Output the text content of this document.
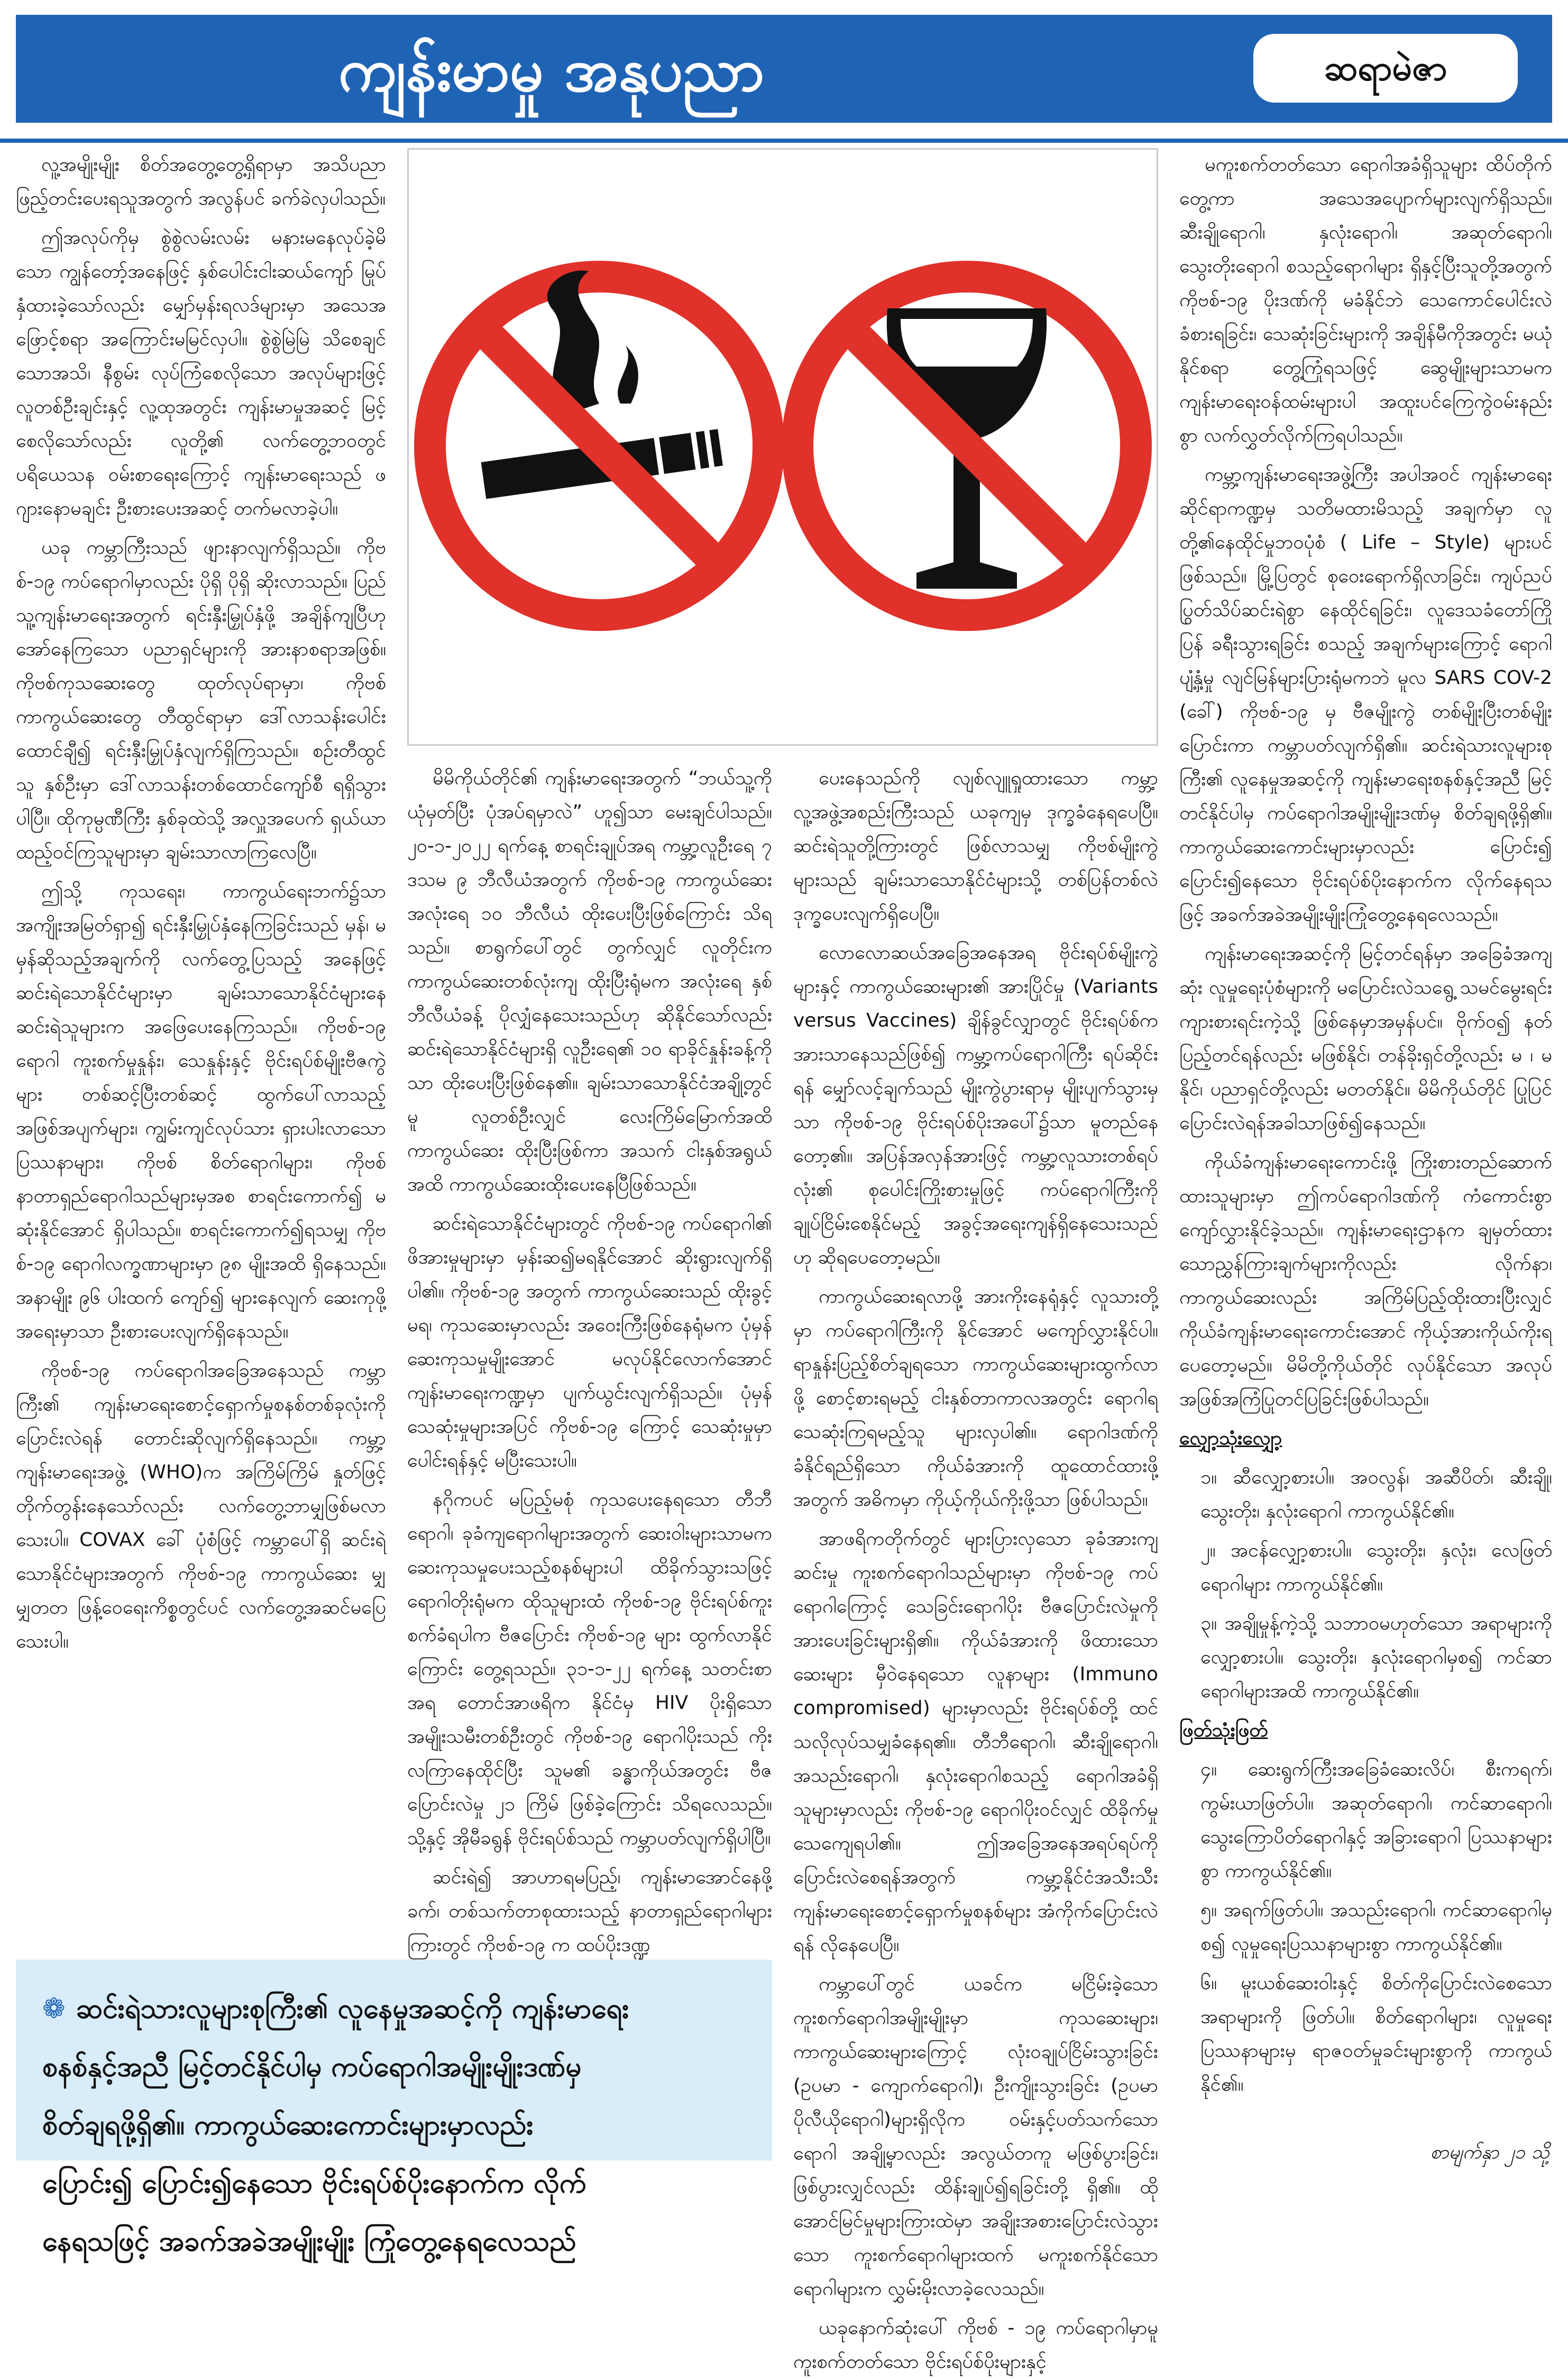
ကျန်းမာမှု အနုပညာ	ဆရာမဲဇာ

လူ့အမျိုးမျိုး စိတ်အတွေ့တွေ့ရှိရာမှာ အသိပညာဖြည့်တင်းပေးရသူအတွက် အလွန်ပင် ခက်ခဲလှပါသည်။

ဤအလုပ်ကိုမှ စွဲစွဲလမ်းလမ်း မနားမနေလုပ်ခဲ့မိသော ကျွန်တော့်အနေဖြင့် နှစ်ပေါင်းငါးဆယ်ကျော် မြုပ်နှံထားခဲ့သော်လည်း မျှော်မှန်းရလဒ်များမှာ အသေအဖြောင့်စရာ အကြောင်းမမြင်လှပါ။ စွဲစွဲမြဲမြဲ သိစေချင်သောအသိ၊ နီစွမ်း လုပ်ကြံစေလိုသော အလုပ်များဖြင့် လူတစ်ဦးချင်းနှင့် လူ့ထုအတွင်း ကျန်းမာမှုအဆင့် မြင့်စေလိုသော်လည်း လူတို့၏ လက်တွေ့ဘဝတွင် ပရိယေသန ဝမ်းစာရေးကြောင့် ကျန်းမာရေးသည် ဖဂျားနောမချင်း ဦးစားပေးအဆင့် တက်မလာခဲ့ပါ။

ယခု ကမ္ဘာကြီးသည် ဖျားနာလျက်ရှိသည်။ ကိုဗစ်-၁၉ ကပ်ရောဂါမှာလည်း ပိုရှိ ပိုရှိ ဆိုးလာသည်။ ပြည်သူ့ကျန်းမာရေးအတွက် ရင်းနှီးမြှုပ်နှံဖို့ အချိန်ကျပြီဟု အော်နေကြသော ပညာရှင်များကို အားနာစရာအဖြစ်။ ကိုဗစ်ကုသဆေးတွေ ထုတ်လုပ်ရာမှာ၊ ကိုဗစ်ကာကွယ်ဆေးတွေ တီထွင်ရာမှာ ဒေါ်လာသန်းပေါင်းထောင်ချီ၍ ရင်းနှီးမြှုပ်နှံလျက်ရှိကြသည်။ စဉ်းတီထွင်သူ နှစ်ဦးမှာ ဒေါ်လာသန်းတစ်ထောင်ကျော်စီ ရရှိသွားပါပြီ။ ထိုကုမ္ပဏီကြီး နှစ်ခုထဲသို့ အလှူအပေက် ရှယ်ယာထည့်ဝင်ကြသူများမှာ ချမ်းသာလာကြလေပြီ။

ဤသို့ ကုသရေး၊ ကာကွယ်ရေးဘက်၌သာ အကျိုးအမြတ်ရှာ၍ ရင်းနှီးမြှုပ်နှံနေကြခြင်းသည် မှန်၊ မမှန်ဆိုသည့်အချက်ကို လက်တွေ့ပြသည့် အနေဖြင့် ဆင်းရဲသောနိုင်ငံများမှာ ချမ်းသာသောနိုင်ငံများနေ ဆင်းရဲသူများက အဖြေပေးနေကြသည်။ ကိုဗစ်-၁၉ ရောဂါ ကူးစက်မှုနှုန်း၊ သေနှုန်းနှင့် ဗိုင်းရပ်စ်မျိုးဗီဇကွဲများ တစ်ဆင့်ပြီးတစ်ဆင့် ထွက်ပေါ်လာသည့် အဖြစ်အပျက်များ၊ ကျွမ်းကျင်လုပ်သား ရှားပါးလာသော ပြဿနာများ၊ ကိုဗစ် စိတ်ရောဂါများ၊ ကိုဗစ်နာတာရှည်ရောဂါသည်များမှအစ စာရင်းကောက်၍ မဆုံးနိုင်အောင် ရှိပါသည်။ စာရင်းကောက်၍ရသမျှ ကိုဗစ်-၁၉ ရောဂါလက္ခဏာများမှာ ၉၈ မျိုးအထိ ရှိနေသည်။ အနာမျိုး ၉၆ ပါးထက် ကျော်၍ များနေလျက် ဆေးကုဖို့အရေးမှာသာ ဦးစားပေးလျက်ရှိနေသည်။

ကိုဗစ်-၁၉ ကပ်ရောဂါအခြေအနေသည် ကမ္ဘာကြီး၏ ကျန်းမာရေးစောင့်ရှောက်မှုစနစ်တစ်ခုလုံးကို ပြောင်းလဲရန် တောင်းဆိုလျက်ရှိနေသည်။ ကမ္ဘာ့ကျန်းမာရေးအဖွဲ့ (WHO)က အကြိမ်ကြိမ် နှုတ်ဖြင့် တိုက်တွန်းနေသော်လည်း လက်တွေ့ဘာမျှဖြစ်မလာသေးပါ။ COVAX ခေါ် ပုံစံဖြင့် ကမ္ဘာပေါ်ရှိ ဆင်းရဲသောနိုင်ငံများအတွက် ကိုဗစ်-၁၉ ကာကွယ်ဆေး မျှမျှတတ ဖြန့်ဝေရေးကိစ္စတွင်ပင် လက်တွေ့အဆင်မပြေသေးပါ။

မိမိကိုယ်တိုင်၏ ကျန်းမာရေးအတွက် “ဘယ်သူ့ကိုယုံမှတ်ပြီး ပုံအပ်ရမှာလဲ” ဟူ၍သာ မေးချင်ပါသည်။ ၂၀-၁-၂၀၂၂ ရက်နေ့ စာရင်းချုပ်အရ ကမ္ဘာ့လူဦးရေ ၇ ဒသမ ၉ ဘီလီယံအတွက် ကိုဗစ်-၁၉ ကာကွယ်ဆေးအလုံးရေ ၁၀ ဘီလီယံ ထိုးပေးပြီးဖြစ်ကြောင်း သိရသည်။ စာရွက်ပေါ်တွင် တွက်လျှင် လူတိုင်းကကာကွယ်ဆေးတစ်လုံးကျ ထိုးပြီးရုံမက အလုံးရေ နှစ်ဘီလီယံခန့် ပိုလျှံနေသေးသည်ဟု ဆိုနိုင်သော်လည်း ဆင်းရဲသောနိုင်ငံများရှိ လူဦးရေ၏ ၁၀ ရာခိုင်နှုန်းခန့်ကိုသာ ထိုးပေးပြီးဖြစ်နေ၏။ ချမ်းသာသောနိုင်ငံအချို့တွင်မူ လူတစ်ဦးလျှင် လေးကြိမ်မြောက်အထိ ကာကွယ်ဆေး ထိုးပြီးဖြစ်ကာ အသက် ငါးနှစ်အရွယ်အထိ ကာကွယ်ဆေးထိုးပေးနေပြီဖြစ်သည်။

ဆင်းရဲသောနိုင်ငံများတွင် ကိုဗစ်-၁၉ ကပ်ရောဂါ၏ ဖိအားမှုများမှာ မှန်းဆ၍မရနိုင်အောင် ဆိုးရွားလျက်ရှိပါ၏။ ကိုဗစ်-၁၉ အတွက် ကာကွယ်ဆေးသည် ထိုးခွင့်မရ၊ ကုသဆေးမှာလည်း အဝေးကြီးဖြစ်နေရုံမက ပုံမှန်ဆေးကုသမှုမျိုးအောင် မလုပ်နိုင်လောက်အောင် ကျန်းမာရေးကဏ္ဍမှာ ပျက်ယွင်းလျက်ရှိသည်။ ပုံမှန်သေဆုံးမှုများအပြင် ကိုဗစ်-၁၉ ကြောင့် သေဆုံးမှုမှာ ပေါင်းရန်နှင့် မပြီးသေးပါ။

နဂိုကပင် မပြည့်မစုံ ကုသပေးနေရသော တီဘီရောဂါ၊ ခုခံကျရောဂါများအတွက် ဆေးဝါးများသာမက ဆေးကုသမှုပေးသည့်စနစ်များပါ ထိခိုက်သွားသဖြင့် ရောဂါတိုးရုံမက ထိုသူများထံ ကိုဗစ်-၁၉ ဗိုင်းရပ်စ်ကူးစက်ခံရပါက ဗီဇပြောင်း ကိုဗစ်-၁၉ များ ထွက်လာနိုင်ကြောင်း တွေ့ရသည်။ ၃၁-၁-၂၂ ရက်နေ့ သတင်းစာအရ တောင်အာဖရိက နိုင်ငံမှ HIV ပိုးရှိသော အမျိုးသမီးတစ်ဦးတွင် ကိုဗစ်-၁၉ ရောဂါပိုးသည် ကိုးလကြာနေထိုင်ပြီး သူမ၏ ခန္ဓာကိုယ်အတွင်း ဗီဇပြောင်းလဲမှု ၂၁ ကြိမ် ဖြစ်ခဲ့ကြောင်း သိရလေသည်။ သို့နှင့် အိုမီခရွန် ဗိုင်းရပ်စ်သည် ကမ္ဘာပတ်လျက်ရှိပါပြီ။

ဆင်းရဲ၍ အာဟာရမပြည့်၊ ကျန်းမာအောင်နေဖို့ခက်၊ တစ်သက်တာစုထားသည့် နာတာရှည်ရောဂါများကြားတွင် ကိုဗစ်-၁၉ က ထပ်ပိုးဒဏ္ဍ

ပေးနေသည်ကို လျစ်လျူရှုထားသော ကမ္ဘာ့လူ့အဖွဲ့အစည်းကြီးသည် ယခုကျမှ ဒုက္ခခံနေရပေပြီ။ ဆင်းရဲသူတို့ကြားတွင် ဖြစ်လာသမျှ ကိုဗစ်မျိုးကွဲများသည် ချမ်းသာသောနိုင်ငံများသို့ တစ်ပြန်တစ်လဲ ဒုက္ခပေးလျက်ရှိပေပြီ။

လောလောဆယ်အခြေအနေအရ ဗိုင်းရပ်စ်မျိုးကွဲများနှင့် ကာကွယ်ဆေးများ၏ အားပြိုင်မှု (Variants versus Vaccines) ချိန်ခွင်လျှာတွင် ဗိုင်းရပ်စ်က အားသာနေသည်ဖြစ်၍ ကမ္ဘာ့ကပ်ရောဂါကြီး ရပ်ဆိုင်းရန် မျှော်လင့်ချက်သည် မျိုးကွဲပွားရာမှ မျိုးပျက်သွားမှသာ ကိုဗစ်-၁၉ ဗိုင်းရပ်စ်ပိုးအပေါ်၌သာ မူတည်နေတော့၏။ အပြန်အလှန်အားဖြင့် ကမ္ဘာ့လူသားတစ်ရပ်လုံး၏ စုပေါင်းကြိုးစားမှုဖြင့် ကပ်ရောဂါကြီးကို ချုပ်ငြိမ်းစေနိုင်မည့် အခွင့်အရေးကျန်ရှိနေသေးသည်ဟု ဆိုရပေတော့မည်။

ကာကွယ်ဆေးရလာဖို့ အားကိုးနေရုံနှင့် လူသားတို့မှာ ကပ်ရောဂါကြီးကို နိုင်အောင် မကျော်လွှားနိုင်ပါ။ ရာနှုန်းပြည့်စိတ်ချရသော ကာကွယ်ဆေးများထွက်လာဖို့ စောင့်စားရမည့် ငါးနှစ်တာကာလအတွင်း ရောဂါရသေဆုံးကြရမည့်သူ များလှပါ၏။ ရောဂါဒဏ်ကို ခံနိုင်ရည်ရှိသော ကိုယ်ခံအားကို ထူထောင်ထားဖို့အတွက် အဓိကမှာ ကိုယ့်ကိုယ်ကိုးဖို့သာ ဖြစ်ပါသည်။

အာဖရိကတိုက်တွင် များပြားလှသော ခုခံအားကျဆင်းမှု ကူးစက်ရောဂါသည်များမှာ ကိုဗစ်-၁၉ ကပ်ရောဂါကြောင့် သေခြင်းရောဂါပိုး ဗီဇပြောင်းလဲမှုကို အားပေးခြင်းများရှိ၏။ ကိုယ်ခံအားကို ဖိထားသောဆေးများ မှီဝဲနေရသော လူနာများ (Immuno compromised) များမှာလည်း ဗိုင်းရပ်စ်တို့ ထင်သလိုလုပ်သမျှခံနေရ၏။ တီဘီရောဂါ၊ ဆီးချိုရောဂါ၊ အသည်းရောဂါ၊ နှလုံးရောဂါစသည့် ရောဂါအခံရှိသူများမှာလည်း ကိုဗစ်-၁၉ ရောဂါပိုးဝင်လျှင် ထိခိုက်မှု သေကျေရပါ၏။ ဤအခြေအနေအရပ်ရပ်ကို ပြောင်းလဲစေရန်အတွက် ကမ္ဘာ့နိုင်ငံအသီးသီး ကျန်းမာရေးစောင့်ရှောက်မှုစနစ်များ အံကိုက်ပြောင်းလဲရန် လိုနေပေပြီ။

ကမ္ဘာပေါ်တွင် ယခင်က မငြိမ်းခဲ့သော ကူးစက်ရောဂါအမျိုးမျိုးမှာ ကုသဆေးများ၊ ကာကွယ်ဆေးများကြောင့် လုံးဝချုပ်ငြိမ်းသွားခြင်း (ဥပမာ - ကျောက်ရောဂါ)၊ ဦးကျိုးသွားခြင်း (ဥပမာ ပိုလီယိုရောဂါ)များရှိလိုက ဝမ်းနှင့်ပတ်သက်သောရောဂါ အချို့မှာလည်း အလွယ်တကူ မဖြစ်ပွားခြင်း၊ ဖြစ်ပွားလျှင်လည်း ထိန်းချုပ်၍ရခြင်းတို့ ရှိ၏။ ထိုအောင်မြင်မှုများကြားထဲမှာ အချိုးအစားပြောင်းလဲသွားသော ကူးစက်ရောဂါများထက် မကူးစက်နိုင်သော ရောဂါများက လွှမ်းမိုးလာခဲ့လေသည်။

ယခုနောက်ဆုံးပေါ် ကိုဗစ် - ၁၉ ကပ်ရောဂါမှာမူ ကူးစက်တတ်သော ဗိုင်းရပ်စ်ပိုးများနှင့်

မကူးစက်တတ်သော ရောဂါအခံရှိသူများ ထိပ်တိုက်တွေ့ကာ အသေအပျောက်များလျက်ရှိသည်။ ဆီးချိုရောဂါ၊ နှလုံးရောဂါ၊ အဆုတ်ရောဂါ၊ သွေးတိုးရောဂါ စသည့်ရောဂါများ ရှိနှင့်ပြီးသူတို့အတွက် ကိုဗစ်-၁၉ ပိုးဒဏ်ကို မခံနိုင်ဘဲ သေကောင်ပေါင်းလဲခံစားရခြင်း၊ သေဆုံးခြင်းများကို အချိန်မီကိုအတွင်း မယုံနိုင်စရာ တွေ့ကြုံရသဖြင့် ဆွေမျိုးများသာမက ကျန်းမာရေးဝန်ထမ်းများပါ အထူးပင်ကြေကွဲဝမ်းနည်းစွာ လက်လွှတ်လိုက်ကြရပါသည်။

ကမ္ဘာ့ကျန်းမာရေးအဖွဲ့ကြီး အပါအဝင် ကျန်းမာရေးဆိုင်ရာကဏ္ဍမှ သတိမထားမိသည့် အချက်မှာ လူတို့၏နေထိုင်မှုဘဝပုံစံ ( Life – Style) များပင် ဖြစ်သည်။ မြို့ပြတွင် စုဝေးရောက်ရှိလာခြင်း၊ ကျပ်ညပ်ပြွတ်သိပ်ဆင်းရဲစွာ နေထိုင်ရခြင်း၊ လူဒေသခံတော်ကြိုပြန် ခရီးသွားရခြင်း စသည့် အချက်များကြောင့် ရောဂါပျံ့နှံ့မှု လျင်မြန်များပြားရုံမကဘဲ မူလ SARS COV-2 (ခေါ်) ကိုဗစ်-၁၉ မှ ဗီဇမျိုးကွဲ တစ်မျိုးပြီးတစ်မျိုးပြောင်းကာ ကမ္ဘာပတ်လျက်ရှိ၏။ ဆင်းရဲသားလူများစုကြီး၏ လူနေမှုအဆင့်ကို ကျန်းမာရေးစနစ်နှင့်အညီ မြင့်တင်နိုင်ပါမှ ကပ်ရောဂါအမျိုးမျိုးဒဏ်မှ စိတ်ချရဖို့ရှိ၏။ ကာကွယ်ဆေးကောင်းများမှာလည်း ပြောင်း၍ ပြောင်း၍နေသော ဗိုင်းရပ်စ်ပိုးနောက်က လိုက်နေရသဖြင့် အခက်အခဲအမျိုးမျိုးကြုံတွေ့နေရလေသည်။

ကျန်းမာရေးအဆင့်ကို မြင့်တင်ရန်မှာ အခြေခံအကျဆုံး လူမှုရေးပုံစံများကို မပြောင်းလဲသရွေ့ သမင်မွေးရင်း ကျားစားရင်းကဲ့သို့ ဖြစ်နေမှာအမှန်ပင်။ ဗိုက်ဝ၍ နတ်ပြည့်တင်ရန်လည်း မဖြစ်နိုင်၊ တန်ခိုးရှင်တို့လည်း မ ၊ မနိုင်၊ ပညာရှင်တို့လည်း မတတ်နိုင်။ မိမိကိုယ်တိုင် ပြုပြင်ပြောင်းလဲရန်အခါသာဖြစ်၍နေသည်။

ကိုယ်ခံကျန်းမာရေးကောင်းဖို့ ကြိုးစားတည်ဆောက်ထားသူများမှာ ဤကပ်ရောဂါဒဏ်ကို ကံကောင်းစွာ ကျော်လွှားနိုင်ခဲ့သည်။ ကျန်းမာရေးဌာနက ချမှတ်ထားသောညွှန်ကြားချက်များကိုလည်း လိုက်နာ၊ ကာကွယ်ဆေးလည်း အကြိမ်ပြည့်ထိုးထားပြီးလျှင် ကိုယ်ခံကျန်းမာရေးကောင်းအောင် ကိုယ့်အားကိုယ်ကိုးရပေတော့မည်။ မိမိတို့ကိုယ်တိုင် လုပ်နိုင်သော အလုပ်အဖြစ်အကြံပြုတင်ပြခြင်းဖြစ်ပါသည်။

လျှော့သုံးလျှော့

၁။ ဆီလျှော့စားပါ။ အဝလွန်၊ အဆီပိတ်၊ ဆီးချို၊ သွေးတိုး၊ နှလုံးရောဂါ ကာကွယ်နိုင်၏။

၂။ အငန်လျှော့စားပါ။ သွေးတိုး၊ နှလုံး၊ လေဖြတ်ရောဂါများ ကာကွယ်နိုင်၏။

၃။ အချိုမှုန့်ကဲ့သို့ သဘာဝမဟုတ်သော အရာများကို လျှော့စားပါ။ သွေးတိုး၊ နှလုံးရောဂါမှစ၍ ကင်ဆာရောဂါများအထိ ကာကွယ်နိုင်၏။

ဖြတ်သုံးဖြတ်

၄။ ဆေးရွက်ကြီးအခြေခံဆေးလိပ်၊ စီးကရက်၊ ကွမ်းယာဖြတ်ပါ။ အဆုတ်ရောဂါ၊ ကင်ဆာရောဂါ၊ သွေးကြောပိတ်ရောဂါနှင့် အခြားရောဂါ ပြဿနာများစွာ ကာကွယ်နိုင်၏။

၅။ အရက်ဖြတ်ပါ။ အသည်းရောဂါ၊ ကင်ဆာရောဂါမှစ၍ လူမှုရေးပြဿနာများစွာ ကာကွယ်နိုင်၏။

၆။ မူးယစ်ဆေးဝါးနှင့် စိတ်ကိုပြောင်းလဲစေသောအရာများကို ဖြတ်ပါ။ စိတ်ရောဂါများ၊ လူမှုရေးပြဿနာများမှ ရာဇဝတ်မှုခင်းများစွာကို ကာကွယ်နိုင်၏။

❁ ဆင်းရဲသားလူများစုကြီး၏ လူနေမှုအဆင့်ကို ကျန်းမာရေး
စနစ်နှင့်အညီ မြင့်တင်နိုင်ပါမှ ကပ်ရောဂါအမျိုးမျိုးဒဏ်မှ
စိတ်ချရဖို့ရှိ၏။ ကာကွယ်ဆေးကောင်းများမှာလည်း
ပြောင်း၍ ပြောင်း၍နေသော ဗိုင်းရပ်စ်ပိုးနောက်က လိုက်
နေရသဖြင့် အခက်အခဲအမျိုးမျိုး ကြုံတွေ့နေရလေသည်
စာမျက်နှာ ၂၁ သို့
